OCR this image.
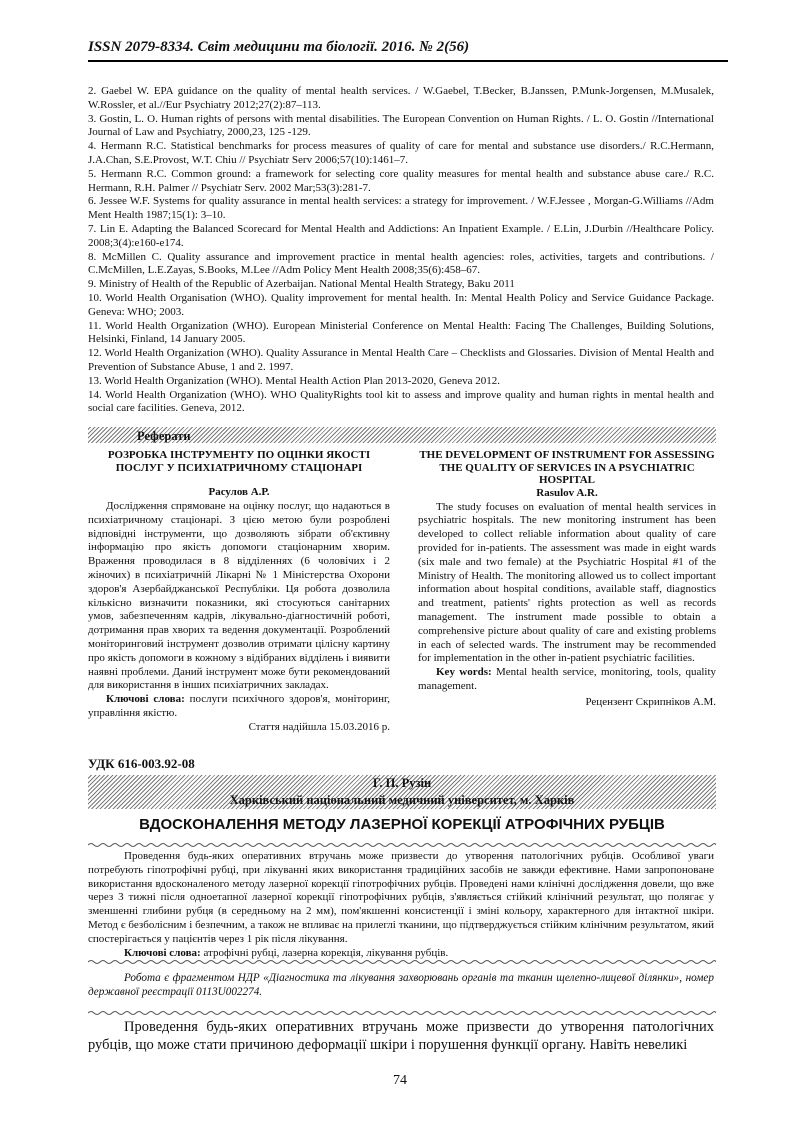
ISSN 2079-8334. Світ медицини та біології. 2016. № 2(56)

2. Gaebel W. EPA guidance on the quality of mental health services. / W.Gaebel, T.Becker, B.Janssen, P.Munk-Jorgensen, M.Musalek, W.Rossler, et al.//Eur Psychiatry 2012;27(2):87–113.

3. Gostin, L. O. Human rights of persons with mental disabilities. The European Convention on Human Rights. / L. O. Gostin //International Journal of Law and Psychiatry, 2000,23, 125 -129.

4. Hermann R.C. Statistical benchmarks for process measures of quality of care for mental and substance use disorders./ R.C.Hermann, J.A.Chan, S.E.Provost, W.T. Chiu // Psychiatr Serv 2006;57(10):1461–7.

5. Hermann R.C. Common ground: a framework for selecting core quality measures for mental health and substance abuse care./ R.C. Hermann, R.H. Palmer // Psychiatr Serv. 2002 Mar;53(3):281-7.

6. Jessee W.F. Systems for quality assurance in mental health services: a strategy for improvement. / W.F.Jessee , Morgan-G.Williams //Adm Ment Health 1987;15(1): 3–10.

7. Lin E. Adapting the Balanced Scorecard for Mental Health and Addictions: An Inpatient Example. / E.Lin, J.Durbin //Healthcare Policy. 2008;3(4):e160-e174.

8. McMillen C. Quality assurance and improvement practice in mental health agencies: roles, activities, targets and contributions. / C.McMillen, L.E.Zayas, S.Books, M.Lee //Adm Policy Ment Health 2008;35(6):458–67.

9. Ministry of Health of the Republic of Azerbaijan. National Mental Health Strategy, Baku 2011

10. World Health Organisation (WHO). Quality improvement for mental health. In: Mental Health Policy and Service Guidance Package. Geneva: WHO; 2003.

11. World Health Organization (WHO). European Ministerial Conference on Mental Health: Facing The Challenges, Building Solutions, Helsinki, Finland, 14 January 2005.

12. World Health Organization (WHO). Quality Assurance in Mental Health Care – Checklists and Glossaries. Division of Mental Health and Prevention of Substance Abuse, 1 and 2. 1997.

13. World Health Organization (WHO). Mental Health Action Plan 2013-2020, Geneva 2012.

14. World Health Organization (WHO). WHO QualityRights tool kit to assess and improve quality and human rights in mental health and social care facilities. Geneva, 2012.

Реферати
РОЗРОБКА ІНСТРУМЕНТУ ПО ОЦІНКИ ЯКОСТІ ПОСЛУГ У ПСИХІАТРИЧНОМУ СТАЦІОНАРІ
Расулов А.Р.

Дослідження спрямоване на оцінку послуг, що надаються в психіатричному стаціонарі. З цією метою були розроблені відповідні інструменти, що дозволяють зібрати об'єктивну інформацію про якість допомоги стаціонарним хворим. Враження проводилася в 8 відділеннях (6 чоловічих і 2 жіночих) в психіатричній Лікарні № 1 Міністерства Охорони здоров'я Азербайджанської Республіки. Ця робота дозволила кількісно визначити показники, які стосуються санітарних умов, забезпеченням кадрів, лікувально-діагностичній роботі, дотримання прав хворих та ведення документації. Розроблений моніторинговий інструмент дозволив отримати цілісну картину про якість допомоги в кожному з відібраних відділень і виявити наявні проблеми. Даний інструмент може бути рекомендований для використання в інших психіатричних закладах.

Ключові слова: послуги психічного здоров'я, моніторинг, управління якістю.

Стаття надійшла 15.03.2016 р.

THE DEVELOPMENT OF INSTRUMENT FOR ASSESSING THE QUALITY OF SERVICES IN A PSYCHIATRIC HOSPITAL
Rasulov A.R.

The study focuses on evaluation of mental health services in psychiatric hospitals. The new monitoring instrument has been developed to collect reliable information about quality of care provided for in-patients. The assessment was made in eight wards (six male and two female) at the Psychiatric Hospital #1 of the Ministry of Health. The monitoring allowed us to collect important information about hospital conditions, available staff, diagnostics and treatment, patients' rights protection as well as records management. The instrument made possible to obtain a comprehensive picture about quality of care and existing problems in each of selected wards. The instrument may be recommended for implementation in the other in-patient psychiatric facilities.

Key words: Mental health service, monitoring, tools, quality management.

Рецензент Скрипніков А.М.

УДК 616-003.92-08
Г. П. Рузін
Харківський національний медичний університет, м. Харків
ВДОСКОНАЛЕННЯ МЕТОДУ ЛАЗЕРНОЇ КОРЕКЦІЇ АТРОФІЧНИХ РУБЦІВ

Проведення будь-яких оперативних втручань може призвести до утворення патологічних рубців. Особливої уваги потребують гіпотрофічні рубці, при лікуванні яких використання традиційних засобів не завжди ефективне. Нами запропоноване використання вдосконаленого методу лазерної корекції гіпотрофічних рубців. Проведені нами клінічні дослідження довели, що вже через 3 тижні після одноетапної лазерної корекції гіпотрофічних рубців, з'являється стійкий клінічний результат, що полягає у зменшенні глибини рубця (в середньому на 2 мм), пом'якшенні консистенції і зміні кольору, характерного для інтактної шкіри. Метод є безболісним і безпечним, а також не впливає на прилеглі тканини, що підтверджується стійким клінічним результатом, який спостерігається у пацієнтів через 1 рік після лікування.

Ключові слова: атрофічні рубці, лазерна корекція, лікування рубців.

Робота є фрагментом НДР «Діагностика та лікування захворювань органів та тканин щелепно-лицевої ділянки», номер державної реєстрації 0113U002274.

Проведення будь-яких оперативних втручань може призвести до утворення патологічних рубців, що може стати причиною деформації шкіри і порушення функції органу. Навіть невеликі

74
